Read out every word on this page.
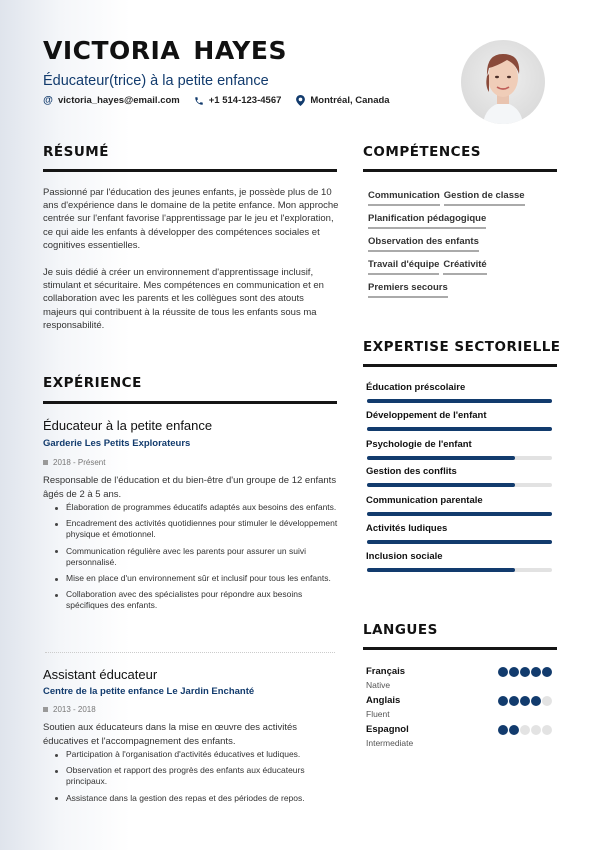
VICTORIA HAYES
Éducateur(trice) à la petite enfance
@ victoria_hayes@email.com	+1 514-123-4567	Montréal, Canada
RÉSUMÉ

Passionné par l'éducation des jeunes enfants, je possède plus de 10 ans d'expérience dans le domaine de la petite enfance. Mon approche centrée sur l'enfant favorise l'apprentissage par le jeu et l'exploration, ce qui aide les enfants à développer des compétences sociales et cognitives essentielles.

Je suis dédié à créer un environnement d'apprentissage inclusif, stimulant et sécuritaire. Mes compétences en communication et en collaboration avec les parents et les collègues sont des atouts majeurs qui contribuent à la réussite de tous les enfants sous ma responsabilité.

EXPÉRIENCE
Éducateur à la petite enfance
Garderie Les Petits Explorateurs
2018 - Présent

Responsable de l'éducation et du bien-être d'un groupe de 12 enfants âgés de 2 à 5 ans.

Élaboration de programmes éducatifs adaptés aux besoins des enfants.
Encadrement des activités quotidiennes pour stimuler le développement physique et émotionnel.
Communication régulière avec les parents pour assurer un suivi personnalisé.
Mise en place d'un environnement sûr et inclusif pour tous les enfants.
Collaboration avec des spécialistes pour répondre aux besoins spécifiques des enfants.
Assistant éducateur
Centre de la petite enfance Le Jardin Enchanté
2013 - 2018

Soutien aux éducateurs dans la mise en œuvre des activités éducatives et l'accompagnement des enfants.

Participation à l'organisation d'activités éducatives et ludiques.
Observation et rapport des progrès des enfants aux éducateurs principaux.
Assistance dans la gestion des repas et des périodes de repos.
COMPÉTENCES
Communication Gestion de classe
Planification pédagogique
Observation des enfants
Travail d'équipe Créativité
Premiers secours
EXPERTISE SECTORIELLE
Éducation préscolaire
Développement de l'enfant
Psychologie de l'enfant
Gestion des conflits
Communication parentale
Activités ludiques
Inclusion sociale
LANGUES
Français
Native
Anglais
Fluent
Espagnol
Intermediate
